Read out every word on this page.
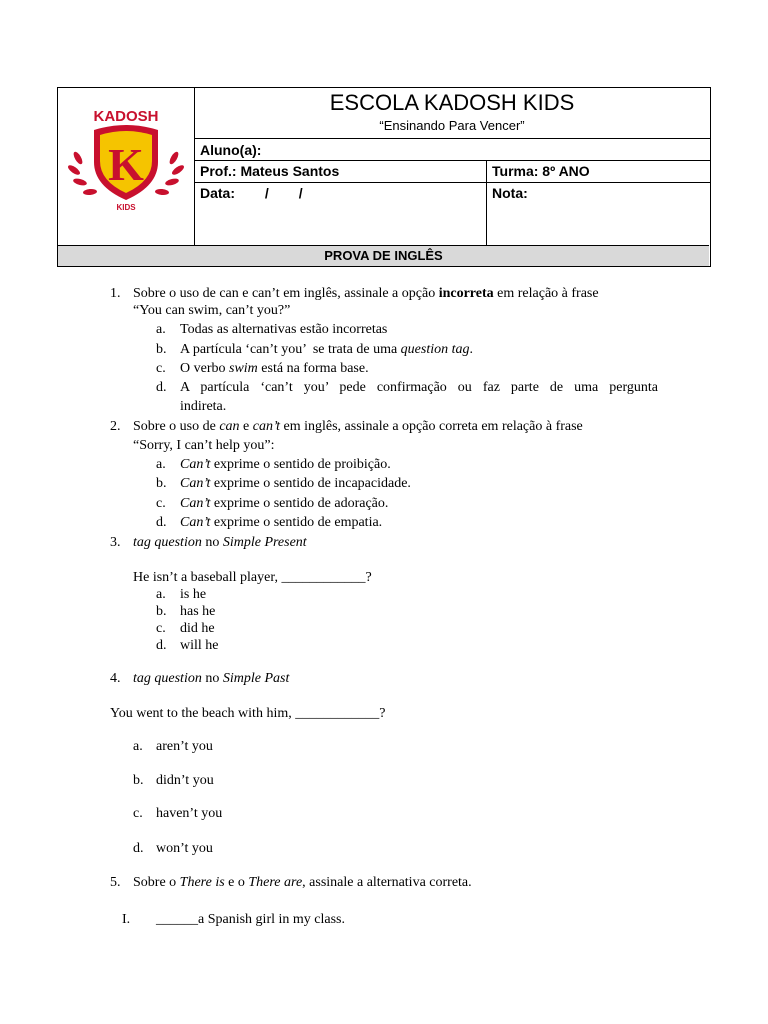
KADOSH
K
KIDS
ESCOLA KADOSH KIDS
“Ensinando Para Vencer”
Aluno(a):
Prof.: Mateus Santos	Turma: 8º ANO
Data: / /	Nota:
PROVA DE INGLÊS
1. Sobre o uso de can e can’t em inglês, assinale a opção incorreta em relação à frase
“You can swim, can’t you?”
a. Todas as alternativas estão incorretas
b. A partícula ‘can’t you’  se trata de uma question tag.
c. O verbo swim está na forma base.
d. A partícula ‘can’t you’ pede confirmação ou faz parte de uma pergunta
indireta.
2. Sobre o uso de can e can’t em inglês, assinale a opção correta em relação à frase
“Sorry, I can’t help you”:
a. Can’t exprime o sentido de proibição.
b. Can’t exprime o sentido de incapacidade.
c. Can’t exprime o sentido de adoração.
d. Can’t exprime o sentido de empatia.
3. tag question no Simple Present
He isn’t a baseball player, ____________?
a. is he
b. has he
c. did he
d. will he
4. tag question no Simple Past
You went to the beach with him, ____________?
a. aren’t you
b. didn’t you
c. haven’t you
d. won’t you
5. Sobre o There is e o There are, assinale a alternativa correta.
I. ______a Spanish girl in my class.
